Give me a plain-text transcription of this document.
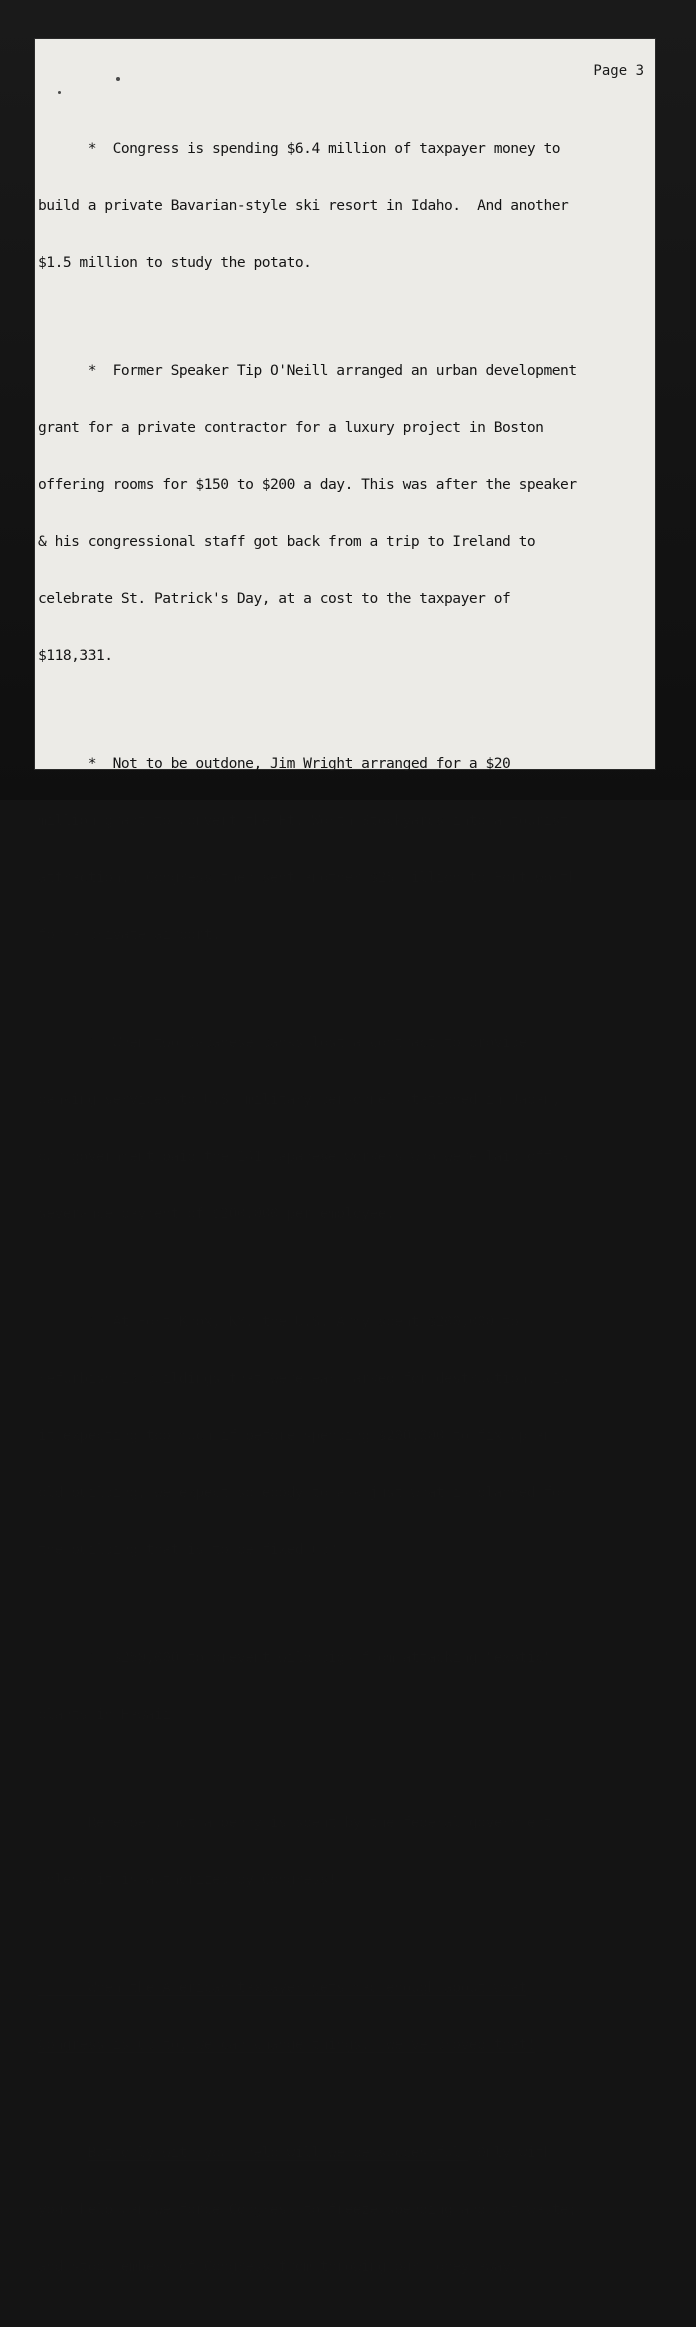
Page 3

*  Congress is spending $6.4 million of taxpayer money to

build a private Bavarian-style ski resort in Idaho.  And another

$1.5 million to study the potato.

*  Former Speaker Tip O'Neill arranged an urban development

grant for a private contractor for a luxury project in Boston

offering rooms for $150 to $200 a day. This was after the speaker

& his congressional staff got back from a trip to Ireland to

celebrate St. Patrick's Day, at a cost to the taxpayer of

$118,331.

*  Not to be outdone, Jim Wright arranged for a $20

million grant to convert the Ft. Worth Stockyards into a tourist

attraction.  Congress then sent another $25 million to Fort Worth

for a private airport.

*  When two Japanese banks lost a contract to provide

banking services to U.S. military personnel stationed in Japan,

our government paid the 141 Japanese workers who were laid off a

severance payment of $200,000 per employee.

*  At Fort Knox, KY, the U.S. Army spent $200,000 to

refurbish 13 buildings that were ear-marked for destruction.  Is

it expecting too much if before spending $200,000 to fix up an

old building, we expect somebody to ask just what is planned for

the building that is to be fixed up?

*  $250,000 to prevent wild pigs from attacking "exotic"

plants in Hawaii.

Remember, not a penny is spent by the federal government

unless it is authorized by Congress!

When the American taxpayer gets mad enough about what

Congress is up to, we can change things.  We've proved that!

But only with your help will we be successful. Only with

your help can we force Congress to freeze spending and cut waste;

and stop members of Congress from throwing our money away.
